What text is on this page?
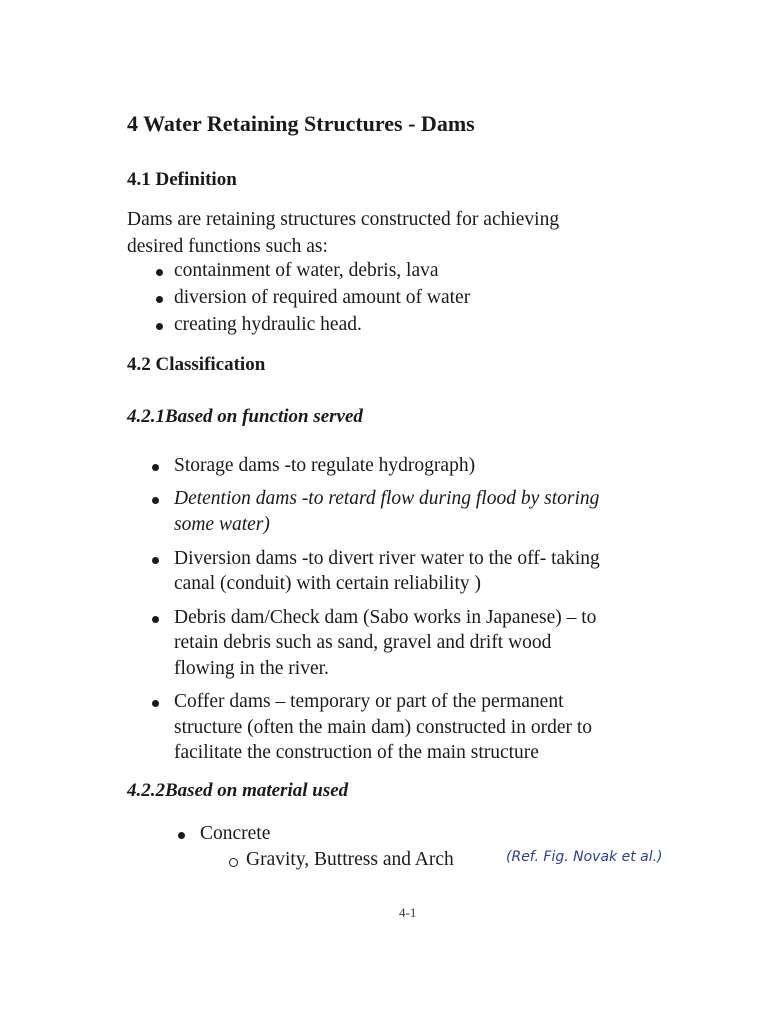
4 Water Retaining Structures - Dams
4.1 Definition
Dams are retaining structures constructed for achieving
desired functions such as:
containment of water, debris, lava
diversion of required amount of water
creating hydraulic head.
4.2 Classification
4.2.1Based on function served
Storage dams -to regulate hydrograph)
Detention dams -to retard flow during flood by storing
some water)
Diversion dams -to divert river water to the off- taking
canal (conduit) with certain reliability )
Debris dam/Check dam (Sabo works in Japanese) – to
retain debris such as sand, gravel and drift wood
flowing in the river.
Coffer dams – temporary or part of the permanent
structure (often the main dam) constructed in order to
facilitate the construction of the main structure
4.2.2Based on material used
Concrete
Gravity, Buttress and Arch	(Ref. Fig. Novak et al.)
4-1
